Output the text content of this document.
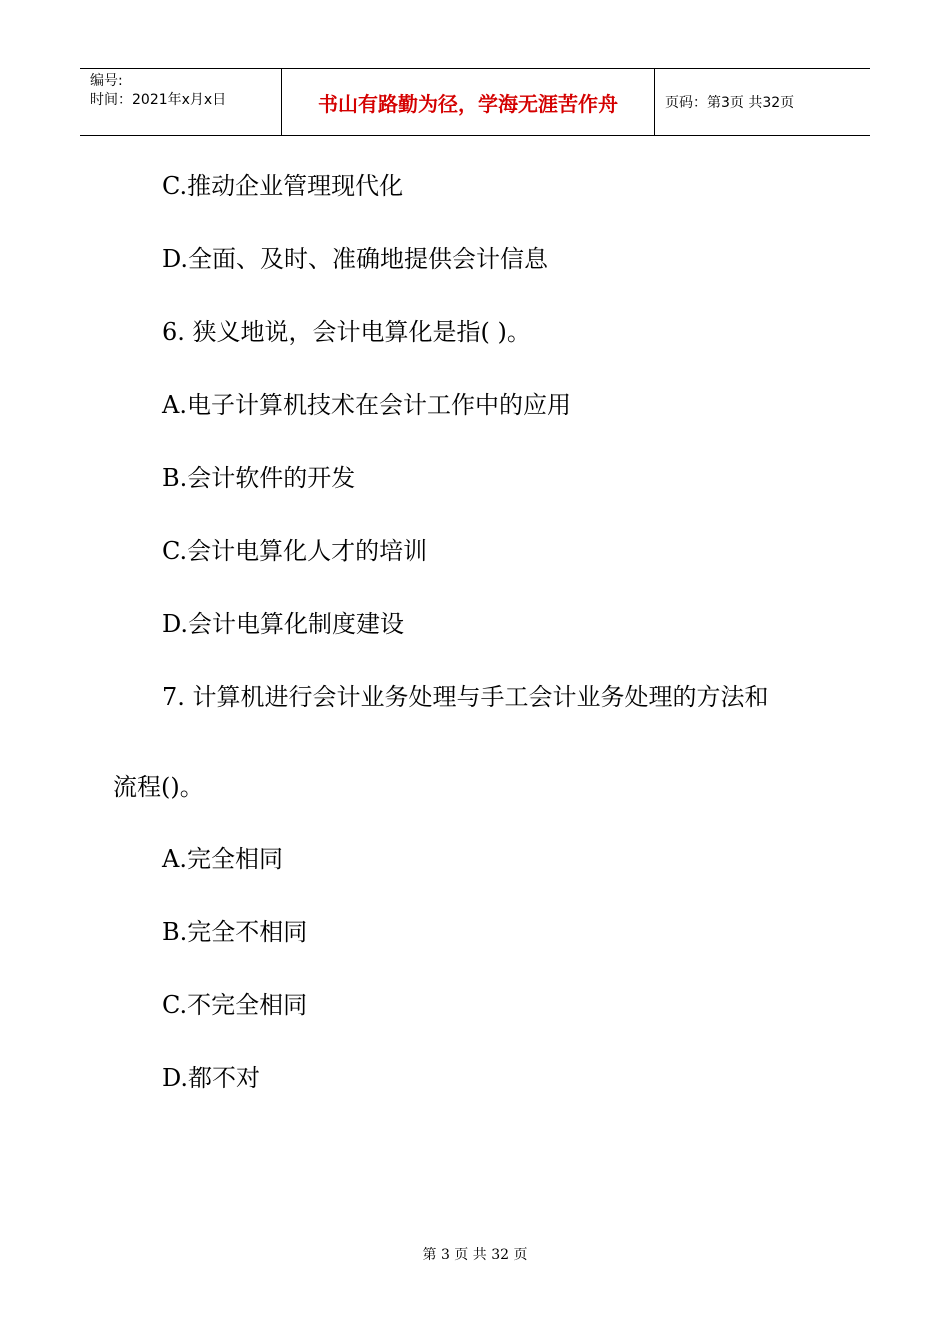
编号:
时间：2021年x月x日	书山有路勤为径，学海无涯苦作舟	页码：第3页 共32页
C.推动企业管理现代化
D.全面、及时、准确地提供会计信息
6. 狭义地说，会计电算化是指( )。
A.电子计算机技术在会计工作中的应用
B.会计软件的开发
C.会计电算化人才的培训
D.会计电算化制度建设
7. 计算机进行会计业务处理与手工会计业务处理的方法和
流程()。
A.完全相同
B.完全不相同
C.不完全相同
D.都不对
第 3 页 共 32 页
